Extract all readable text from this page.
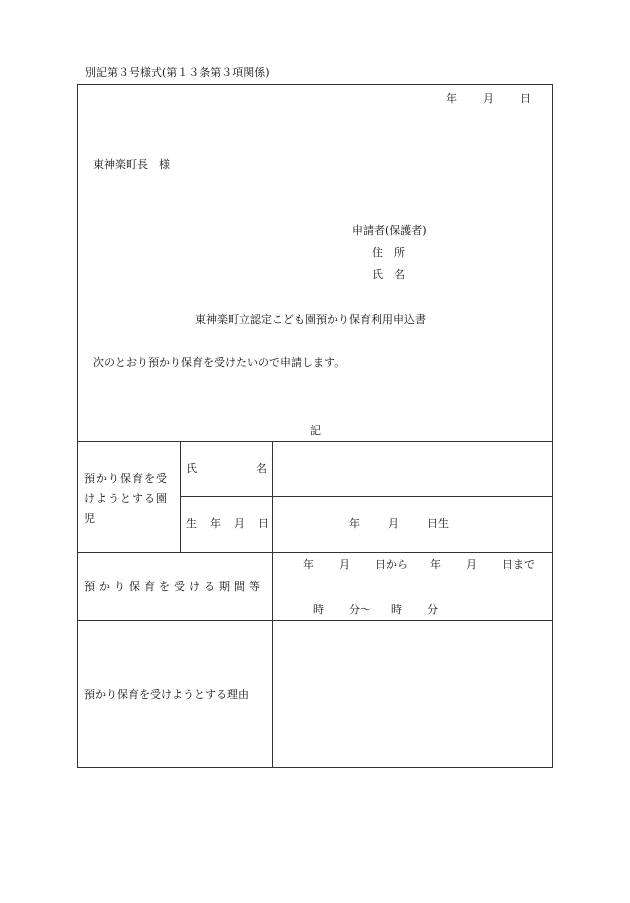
別記第３号様式(第１３条第３項関係)
年 月 日
東神楽町長　様
申請者(保護者)
住　所
氏　名
東神楽町立認定こども園預かり保育利用申込書
次のとおり預かり保育を受けたいので申請します。
記
預かり保育を受
けようとする園
児
氏	名
生　年　月　日	年	月	日生
預かり保育を受ける期間等
年 月 日から 年 月 日まで
時 分〜 時 分
預かり保育を受けようとする理由
